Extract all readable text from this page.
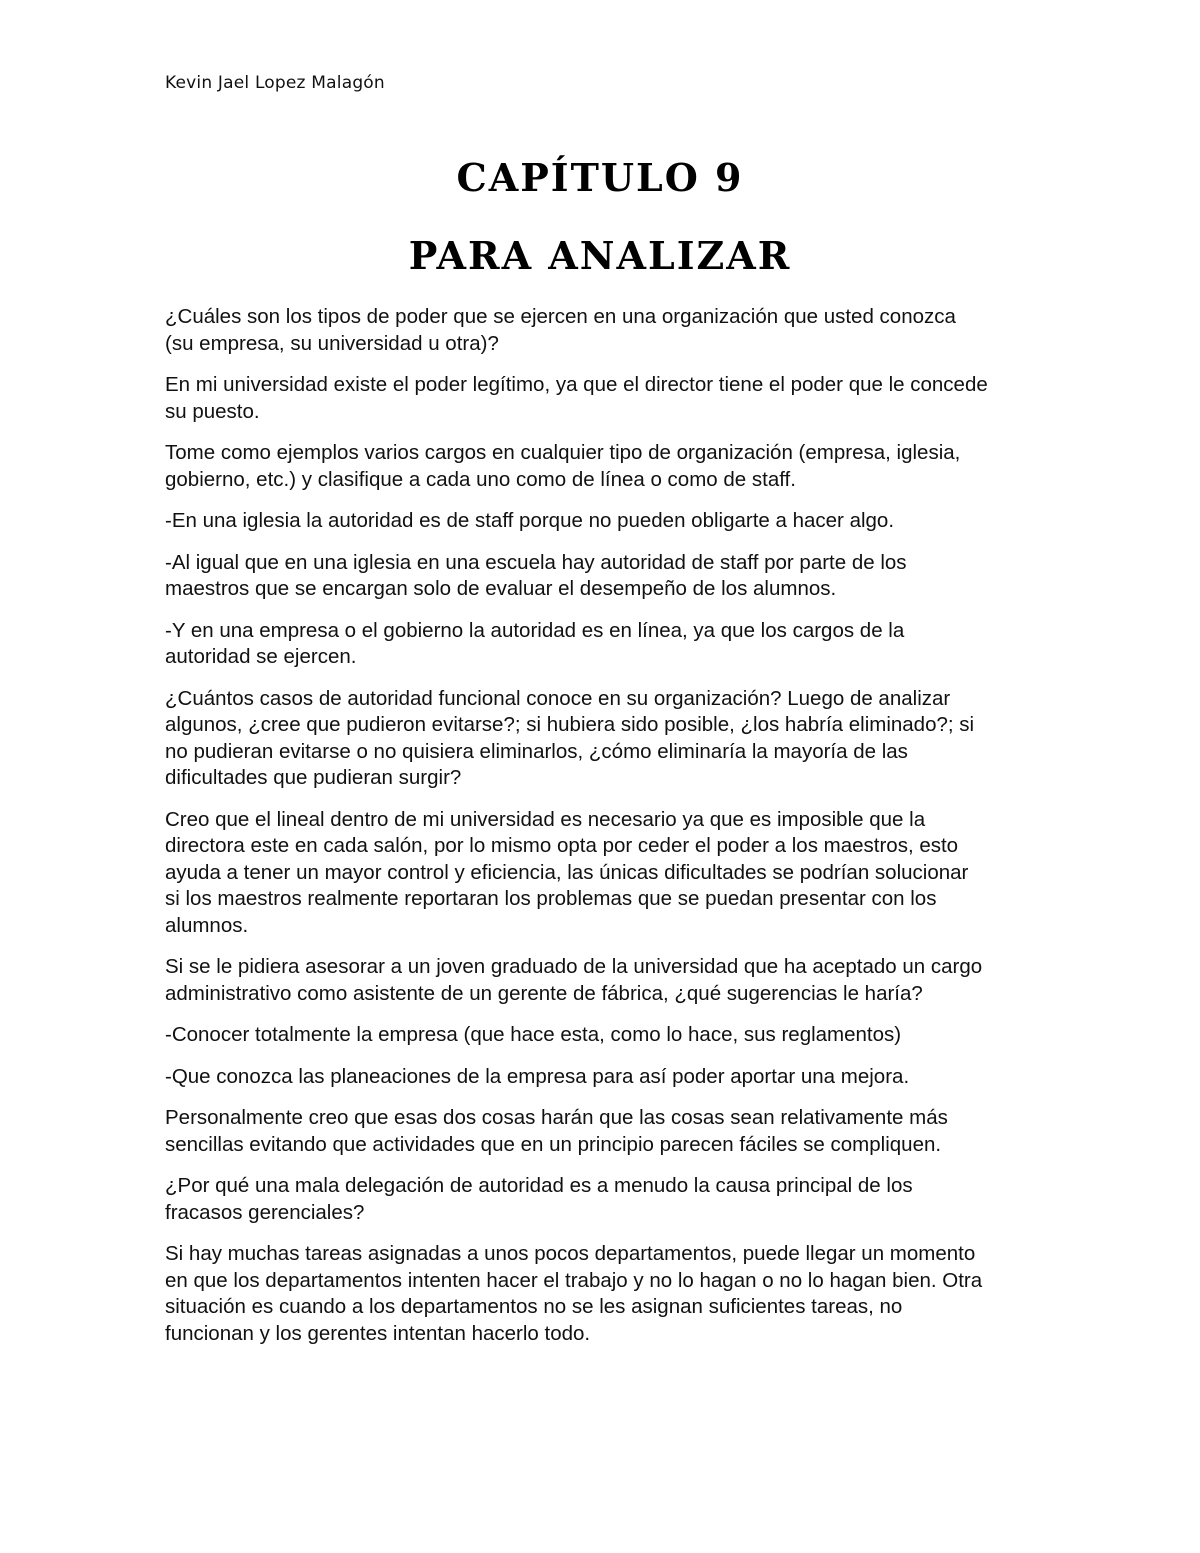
Kevin Jael Lopez Malagón
CAPÍTULO 9
PARA ANALIZAR
¿Cuáles son los tipos de poder que se ejercen en una organización que usted conozca
(su empresa, su universidad u otra)?
En mi universidad existe el poder legítimo, ya que el director tiene el poder que le concede
su puesto.
Tome como ejemplos varios cargos en cualquier tipo de organización (empresa, iglesia,
gobierno, etc.) y clasifique a cada uno como de línea o como de staff.
-En una iglesia la autoridad es de staff porque no pueden obligarte a hacer algo.
-Al igual que en una iglesia en una escuela hay autoridad de staff por parte de los
maestros que se encargan solo de evaluar el desempeño de los alumnos.
-Y en una empresa o el gobierno la autoridad es en línea, ya que los cargos de la
autoridad se ejercen.
¿Cuántos casos de autoridad funcional conoce en su organización? Luego de analizar
algunos, ¿cree que pudieron evitarse?; si hubiera sido posible, ¿los habría eliminado?; si
no pudieran evitarse o no quisiera eliminarlos, ¿cómo eliminaría la mayoría de las
dificultades que pudieran surgir?
Creo que el lineal dentro de mi universidad es necesario ya que es imposible que la
directora este en cada salón, por lo mismo opta por ceder el poder a los maestros, esto
ayuda a tener un mayor control y eficiencia, las únicas dificultades se podrían solucionar
si los maestros realmente reportaran los problemas que se puedan presentar con los
alumnos.
Si se le pidiera asesorar a un joven graduado de la universidad que ha aceptado un cargo
administrativo como asistente de un gerente de fábrica, ¿qué sugerencias le haría?
-Conocer totalmente la empresa (que hace esta, como lo hace, sus reglamentos)
-Que conozca las planeaciones de la empresa para así poder aportar una mejora.
Personalmente creo que esas dos cosas harán que las cosas sean relativamente más
sencillas evitando que actividades que en un principio parecen fáciles se compliquen.
¿Por qué una mala delegación de autoridad es a menudo la causa principal de los
fracasos gerenciales?
Si hay muchas tareas asignadas a unos pocos departamentos, puede llegar un momento
en que los departamentos intenten hacer el trabajo y no lo hagan o no lo hagan bien. Otra
situación es cuando a los departamentos no se les asignan suficientes tareas, no
funcionan y los gerentes intentan hacerlo todo.
